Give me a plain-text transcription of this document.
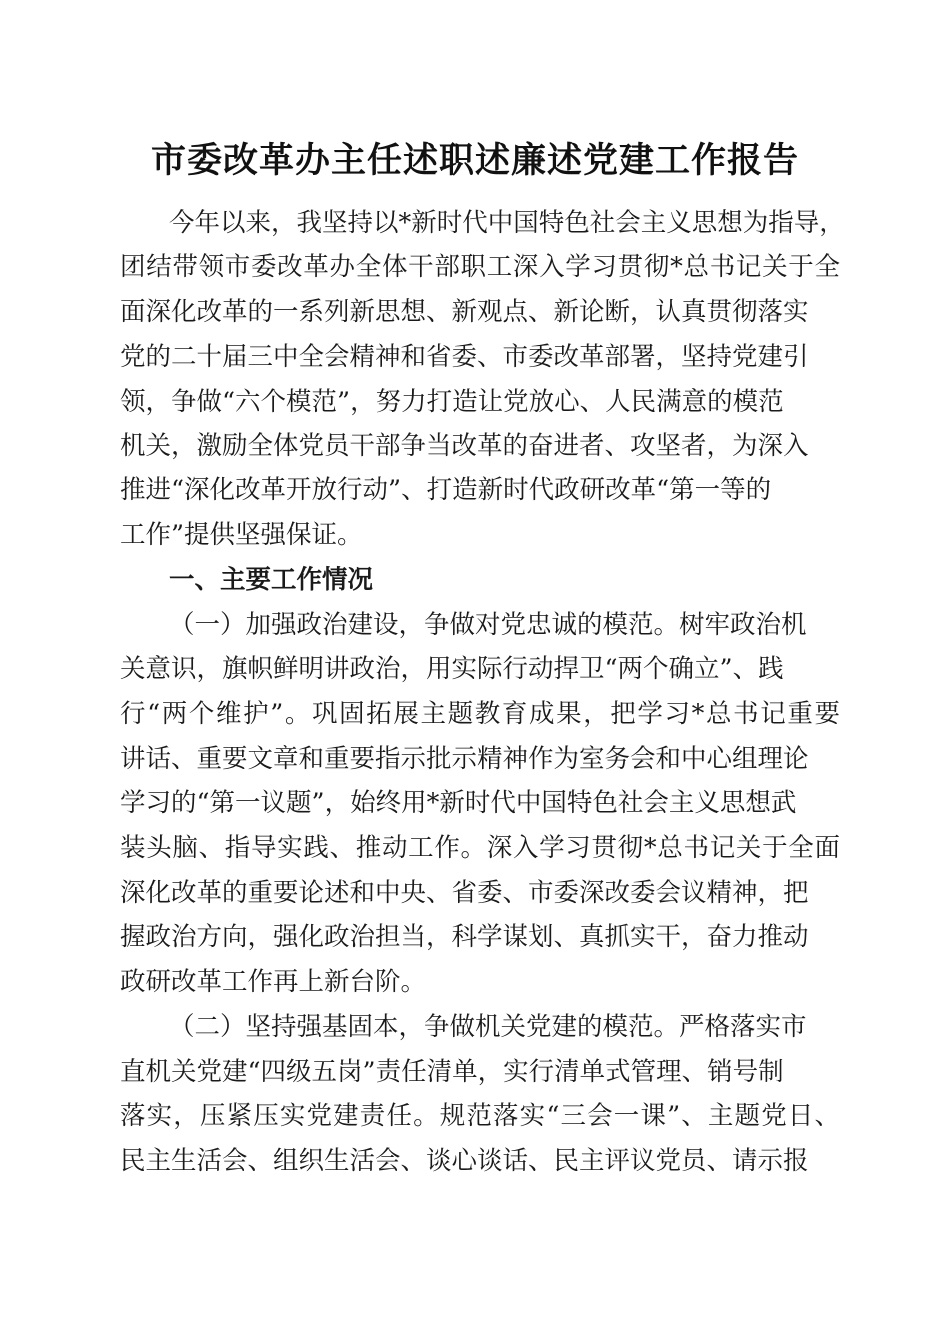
市委改革办主任述职述廉述党建工作报告

今年以来，我坚持以*新时代中国特色社会主义思想为指导，

团结带领市委改革办全体干部职工深入学习贯彻*总书记关于全

面深化改革的一系列新思想、新观点、新论断，认真贯彻落实

党的二十届三中全会精神和省委、市委改革部署，坚持党建引

领，争做“六个模范”，努力打造让党放心、人民满意的模范

机关，激励全体党员干部争当改革的奋进者、攻坚者，为深入

推进“深化改革开放行动”、打造新时代政研改革“第一等的

工作”提供坚强保证。

一、主要工作情况

（一）加强政治建设，争做对党忠诚的模范。树牢政治机

关意识，旗帜鲜明讲政治，用实际行动捍卫“两个确立”、践

行“两个维护”。巩固拓展主题教育成果，把学习*总书记重要

讲话、重要文章和重要指示批示精神作为室务会和中心组理论

学习的“第一议题”，始终用*新时代中国特色社会主义思想武

装头脑、指导实践、推动工作。深入学习贯彻*总书记关于全面

深化改革的重要论述和中央、省委、市委深改委会议精神，把

握政治方向，强化政治担当，科学谋划、真抓实干，奋力推动

政研改革工作再上新台阶。

（二）坚持强基固本，争做机关党建的模范。严格落实市

直机关党建“四级五岗”责任清单，实行清单式管理、销号制

落实，压紧压实党建责任。规范落实“三会一课”、主题党日、

民主生活会、组织生活会、谈心谈话、民主评议党员、请示报
